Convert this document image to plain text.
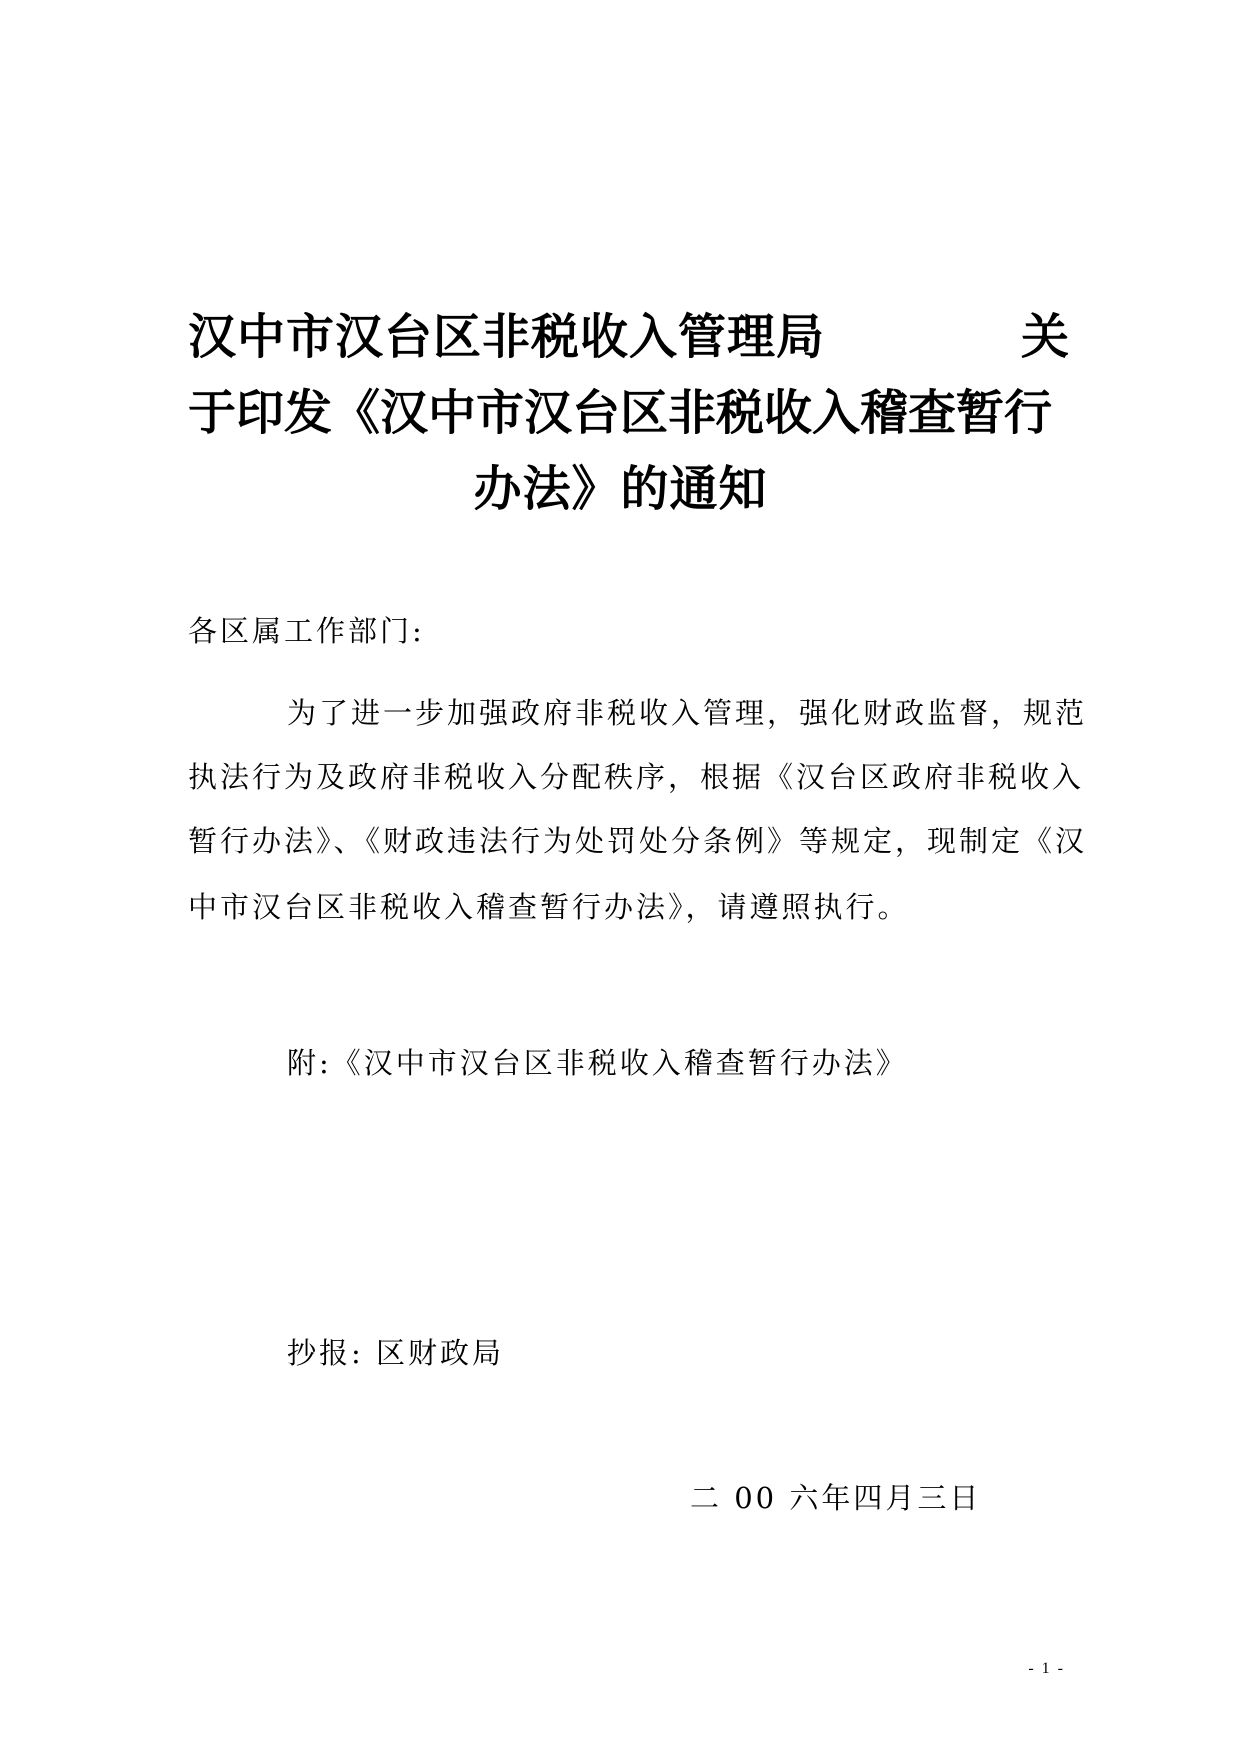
汉中市汉台区非税收入管理局	关
于印发《汉中市汉台区非税收入稽查暂行
办法》的通知
各区属工作部门:
为了进一步加强政府非税收入管理，强化财政监督，规范
执法行为及政府非税收入分配秩序，根据《汉台区政府非税收入
暂行办法》、《财政违法行为处罚处分条例》等规定，现制定《汉
中市汉台区非税收入稽查暂行办法》，请遵照执行。
附:《汉中市汉台区非税收入稽查暂行办法》
抄报: 区财政局
二 00 六年四月三日
- 1 -
